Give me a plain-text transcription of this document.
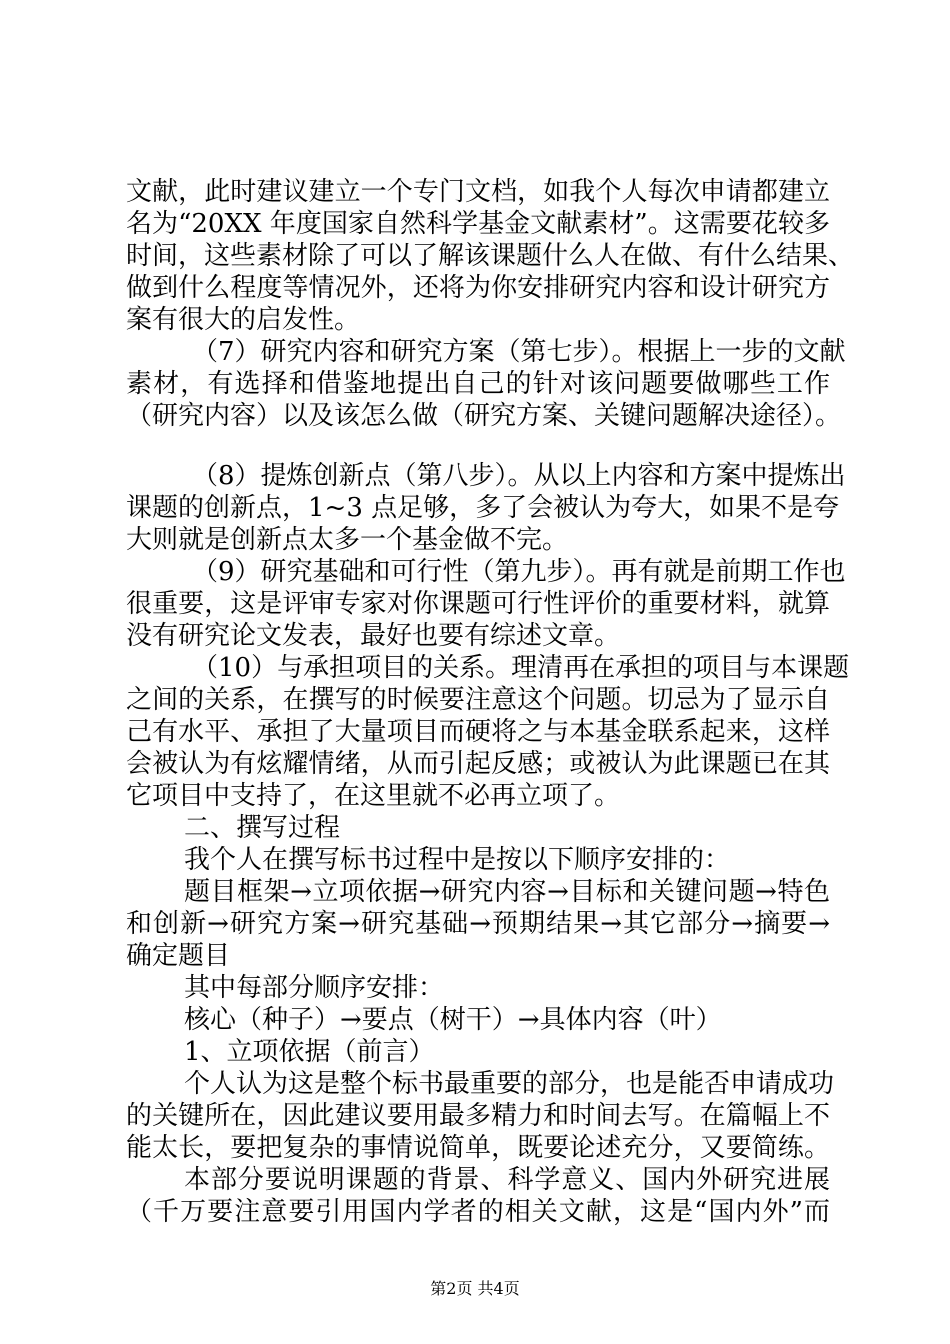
文献，此时建议建立一个专门文档，如我个人每次申请都建立
名为“20XX 年度国家自然科学基金文献素材”。这需要花较多
时间，这些素材除了可以了解该课题什么人在做、有什么结果、
做到什么程度等情况外，还将为你安排研究内容和设计研究方
案有很大的启发性。
（7）研究内容和研究方案（第七步）。根据上一步的文献
素材，有选择和借鉴地提出自己的针对该问题要做哪些工作
（研究内容）以及该怎么做（研究方案、关键问题解决途径）。
（8）提炼创新点（第八步）。从以上内容和方案中提炼出
课题的创新点，1~3 点足够，多了会被认为夸大，如果不是夸
大则就是创新点太多一个基金做不完。
（9）研究基础和可行性（第九步）。再有就是前期工作也
很重要，这是评审专家对你课题可行性评价的重要材料，就算
没有研究论文发表，最好也要有综述文章。
（10）与承担项目的关系。理清再在承担的项目与本课题
之间的关系，在撰写的时候要注意这个问题。切忌为了显示自
己有水平、承担了大量项目而硬将之与本基金联系起来，这样
会被认为有炫耀情绪，从而引起反感；或被认为此课题已在其
它项目中支持了，在这里就不必再立项了。
二、撰写过程
我个人在撰写标书过程中是按以下顺序安排的：
题目框架→立项依据→研究内容→目标和关键问题→特色
和创新→研究方案→研究基础→预期结果→其它部分→摘要→
确定题目
其中每部分顺序安排：
核心（种子）→要点（树干）→具体内容（叶）
1、立项依据（前言）
个人认为这是整个标书最重要的部分，也是能否申请成功
的关键所在，因此建议要用最多精力和时间去写。在篇幅上不
能太长，要把复杂的事情说简单，既要论述充分，又要简练。
本部分要说明课题的背景、科学意义、国内外研究进展
（千万要注意要引用国内学者的相关文献，这是“国内外”而
第2页 共4页
